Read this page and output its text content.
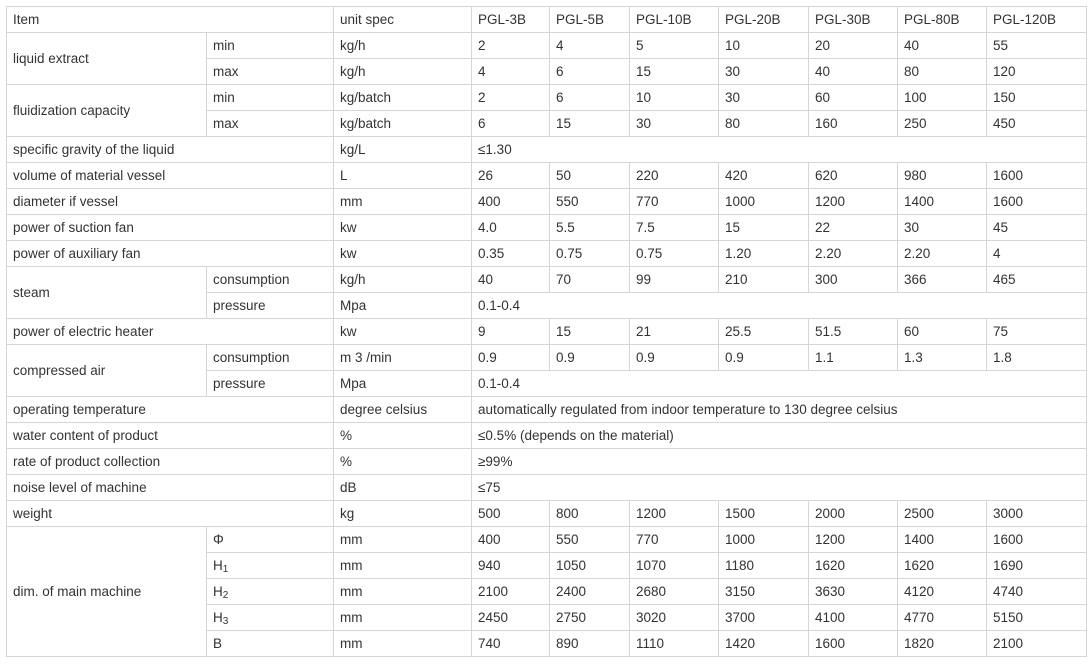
Item		unit spec	PGL-3B	PGL-5B	PGL-10B	PGL-20B	PGL-30B	PGL-80B	PGL-120B
liquid extract	min	kg/h	2	4	5	10	20	40	55
	max	kg/h	4	6	15	30	40	80	120
fluidization capacity	min	kg/batch	2	6	10	30	60	100	150
	max	kg/batch	6	15	30	80	160	250	450
specific gravity of the liquid		kg/L	≤1.30						
volume of material vessel		L	26	50	220	420	620	980	1600
diameter if vessel		mm	400	550	770	1000	1200	1400	1600
power of suction fan		kw	4.0	5.5	7.5	15	22	30	45
power of auxiliary fan		kw	0.35	0.75	0.75	1.20	2.20	2.20	4
steam	consumption	kg/h	40	70	99	210	300	366	465
	pressure	Mpa	0.1-0.4						
power of electric heater		kw	9	15	21	25.5	51.5	60	75
compressed air	consumption	m 3 /min	0.9	0.9	0.9	0.9	1.1	1.3	1.8
	pressure	Mpa	0.1-0.4						
operating temperature		degree celsius	automatically regulated from indoor temperature to 130 degree celsius						
water content of product		%	≤0.5% (depends on the material)						
rate of product collection		%	≥99%						
noise level of machine		dB	≤75						
weight		kg	500	800	1200	1500	2000	2500	3000
dim. of main machine	Φ	mm	400	550	770	1000	1200	1400	1600
	$H_1$	mm	940	1050	1070	1180	1620	1620	1690
	$H_2$	mm	2100	2400	2680	3150	3630	4120	4740
	$H_3$	mm	2450	2750	3020	3700	4100	4770	5150
	B	mm	740	890	1110	1420	1600	1820	2100
